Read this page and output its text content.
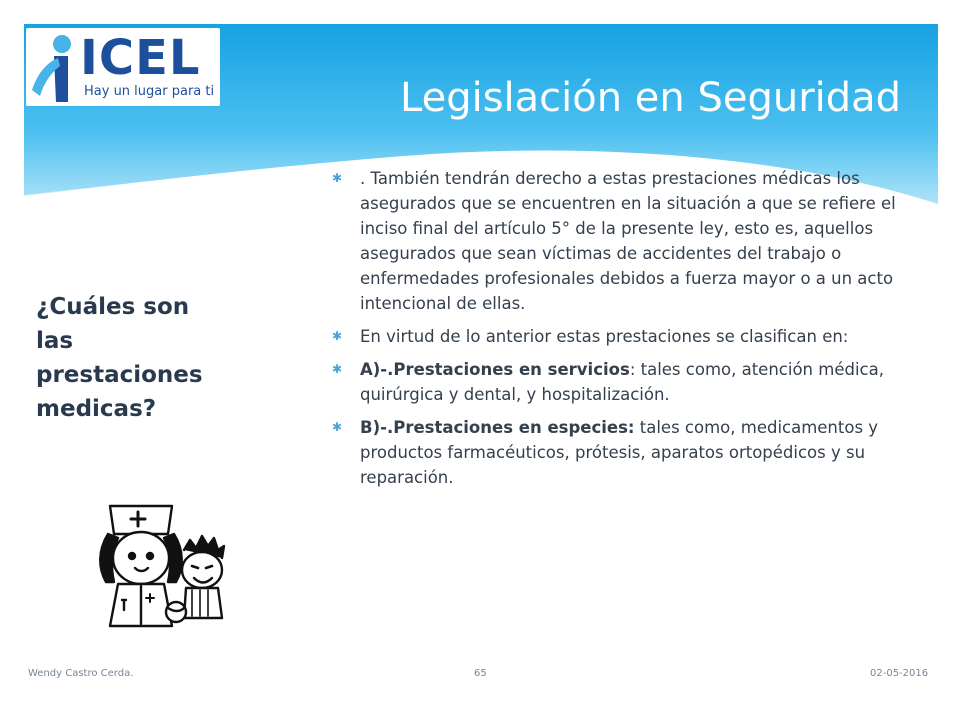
ICEL
Hay un lugar para ti	Legislación en Seguridad
¿Cuáles son las prestaciones medicas?
✱ . También tendrán derecho a estas prestaciones médicas los asegurados que se encuentren en la situación a que se refiere el inciso final del artículo 5° de la presente ley, esto es, aquellos asegurados que sean víctimas de accidentes del trabajo o enfermedades profesionales debidos a fuerza mayor o a un acto intencional de ellas.
✱ En virtud de lo anterior estas prestaciones se clasifican en:
✱ A)-.Prestaciones en servicios: tales como, atención médica, quirúrgica y dental, y hospitalización.
✱ B)-.Prestaciones en especies: tales como, medicamentos y productos farmacéuticos, prótesis, aparatos ortopédicos y su reparación.
Wendy Castro Cerda.	65	02-05-2016
